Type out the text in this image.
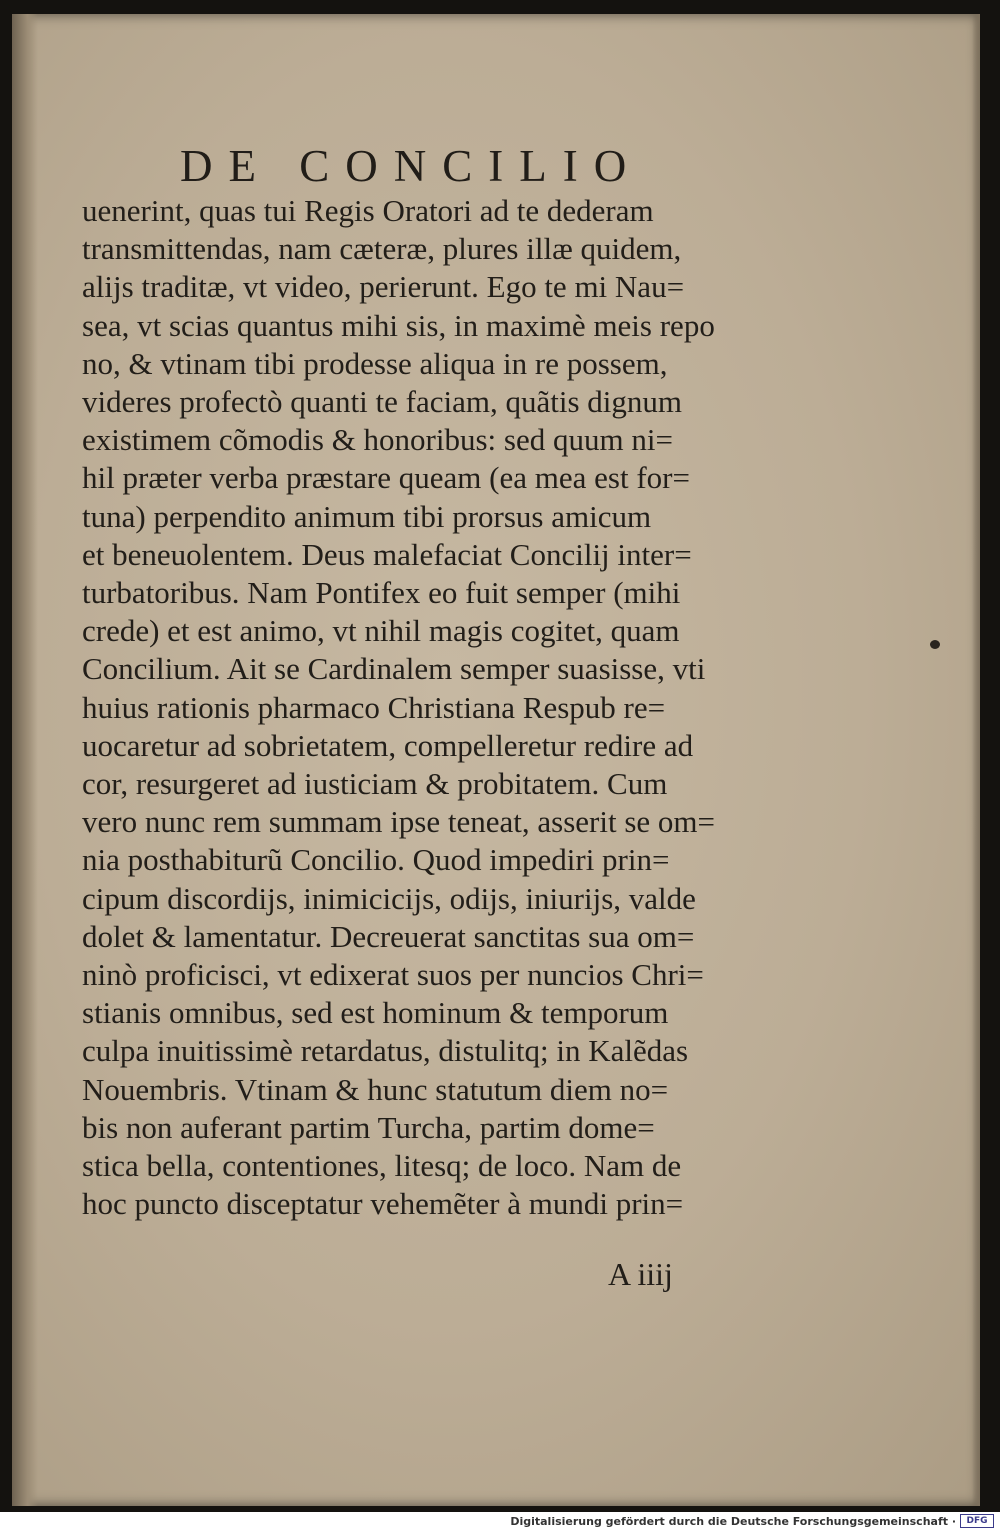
DE CONCILIO
uenerint, quas tui Regis Oratori ad te dederam
transmittendas, nam cæteræ, plures illæ quidem,
alijs traditæ, vt video, perierunt. Ego te mi Nau=
sea, vt scias quantus mihi sis, in maximè meis repo
no, & vtinam tibi prodesse aliqua in re possem,
videres profectò quanti te faciam, quãtis dignum
existimem cõmodis & honoribus: sed quum ni=
hil præter verba præstare queam (ea mea est for=
tuna) perpendito animum tibi prorsus amicum
et beneuolentem. Deus malefaciat Concilij inter=
turbatoribus. Nam Pontifex eo fuit semper (mihi
crede) et est animo, vt nihil magis cogitet, quam
Concilium. Ait se Cardinalem semper suasisse, vti
huius rationis pharmaco Christiana Respub re=
uocaretur ad sobrietatem, compelleretur redire ad
cor, resurgeret ad iusticiam & probitatem. Cum
vero nunc rem summam ipse teneat, asserit se om=
nia posthabiturũ Concilio. Quod impediri prin=
cipum discordijs, inimicicijs, odijs, iniurijs, valde
dolet & lamentatur. Decreuerat sanctitas sua om=
ninò proficisci, vt edixerat suos per nuncios Chri=
stianis omnibus, sed est hominum & temporum
culpa inuitissimè retardatus, distulitq; in Kalẽdas
Nouembris. Vtinam & hunc statutum diem no=
bis non auferant partim Turcha, partim dome=
stica bella, contentiones, litesq; de loco. Nam de
hoc puncto disceptatur vehemẽter à mundi prin=
A iiij
Digitalisierung gefördert durch die Deutsche Forschungsgemeinschaft ·	DFG
